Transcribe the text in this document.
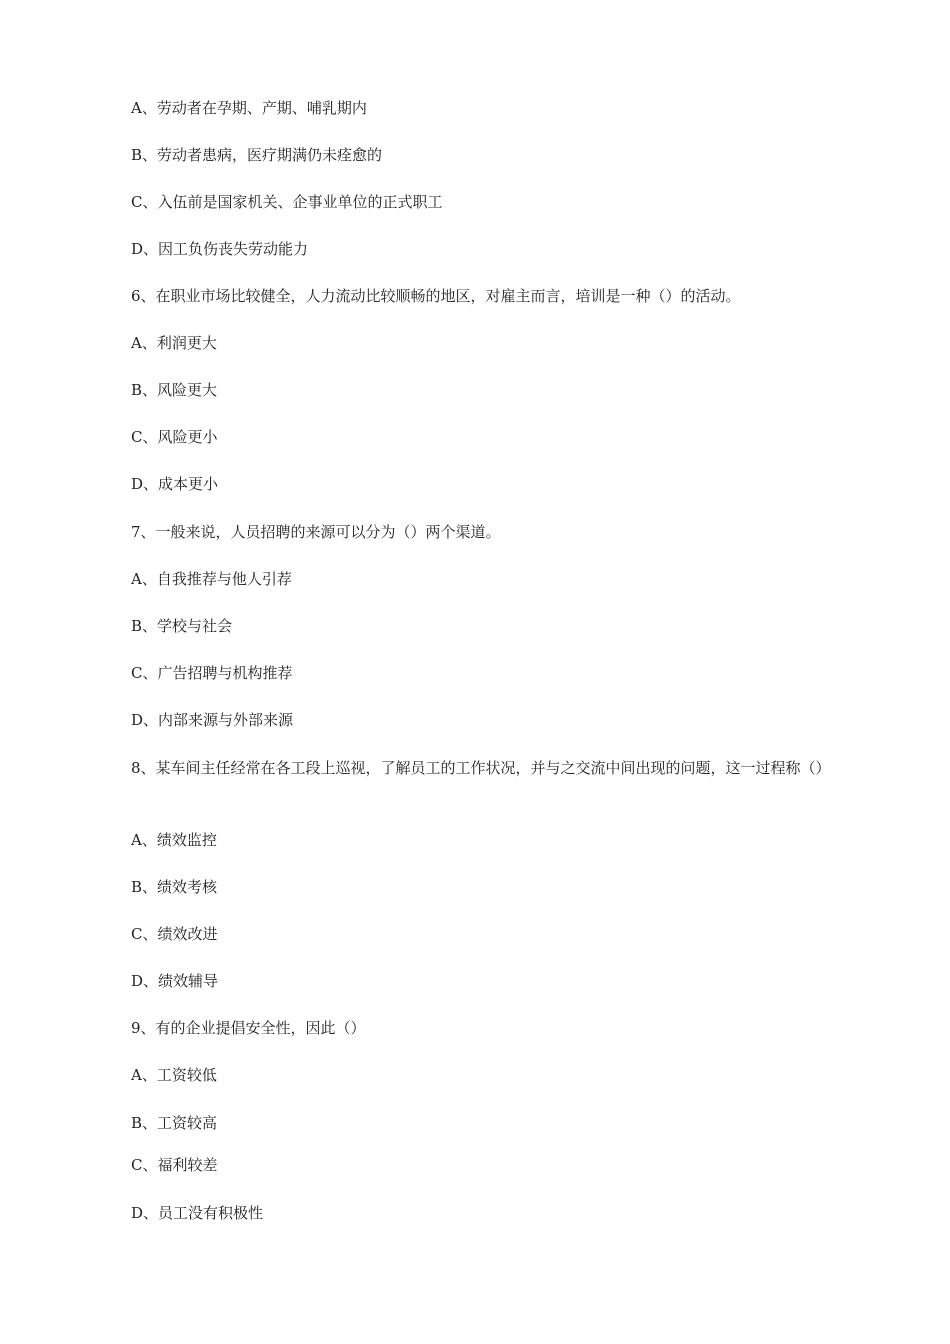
A、劳动者在孕期、产期、哺乳期内
B、劳动者患病，医疗期满仍未痊愈的
C、入伍前是国家机关、企事业单位的正式职工
D、因工负伤丧失劳动能力
6、在职业市场比较健全，人力流动比较顺畅的地区，对雇主而言，培训是一种（）的活动。
A、利润更大
B、风险更大
C、风险更小
D、成本更小
7、一般来说，人员招聘的来源可以分为（）两个渠道。
A、自我推荐与他人引荐
B、学校与社会
C、广告招聘与机构推荐
D、内部来源与外部来源
8、某车间主任经常在各工段上巡视，了解员工的工作状况，并与之交流中间出现的问题，这一过程称（）
A、绩效监控
B、绩效考核
C、绩效改进
D、绩效辅导
9、有的企业提倡安全性，因此（）
A、工资较低
B、工资较高
C、福利较差
D、员工没有积极性
